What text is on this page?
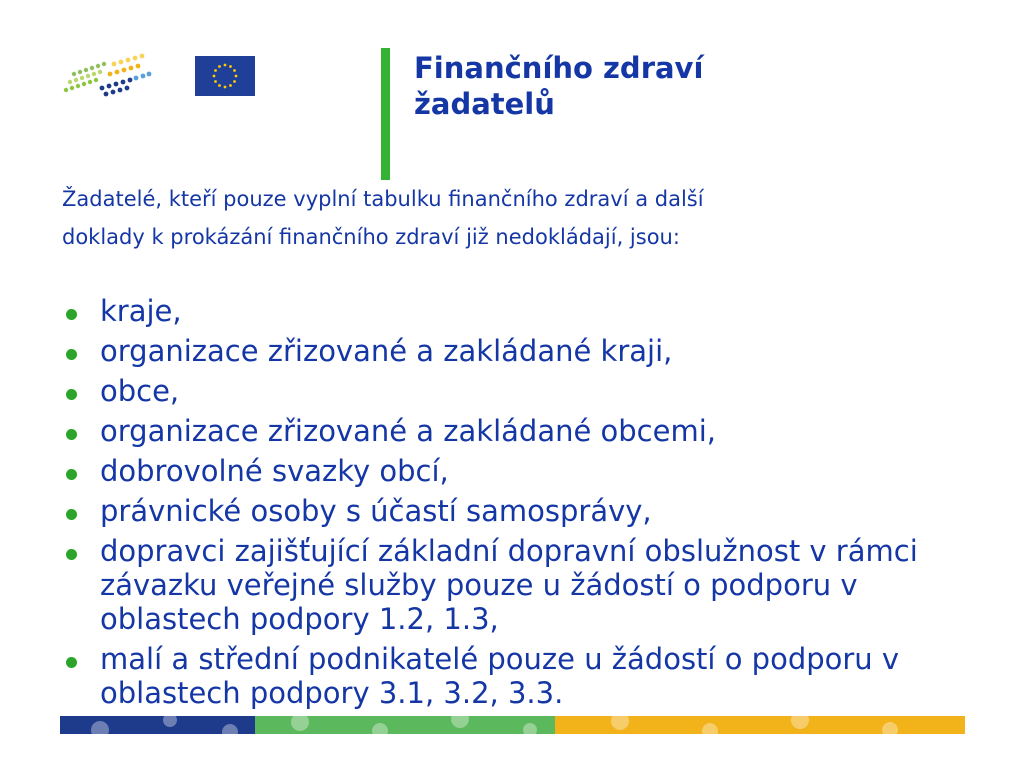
Finančního zdraví
žadatelů
Žadatelé, kteří pouze vyplní tabulku finančního zdraví a další
doklady k prokázání finančního zdraví již nedokládají, jsou:
kraje,
organizace zřizované a zakládané kraji,
obce,
organizace zřizované a zakládané obcemi,
dobrovolné svazky obcí,
právnické osoby s účastí samosprávy,
dopravci zajišťující základní dopravní obslužnost v rámci závazku veřejné služby pouze u žádostí o podporu v oblastech podpory 1.2, 1.3,
malí a střední podnikatelé pouze u žádostí o podporu v oblastech podpory 3.1, 3.2, 3.3.
